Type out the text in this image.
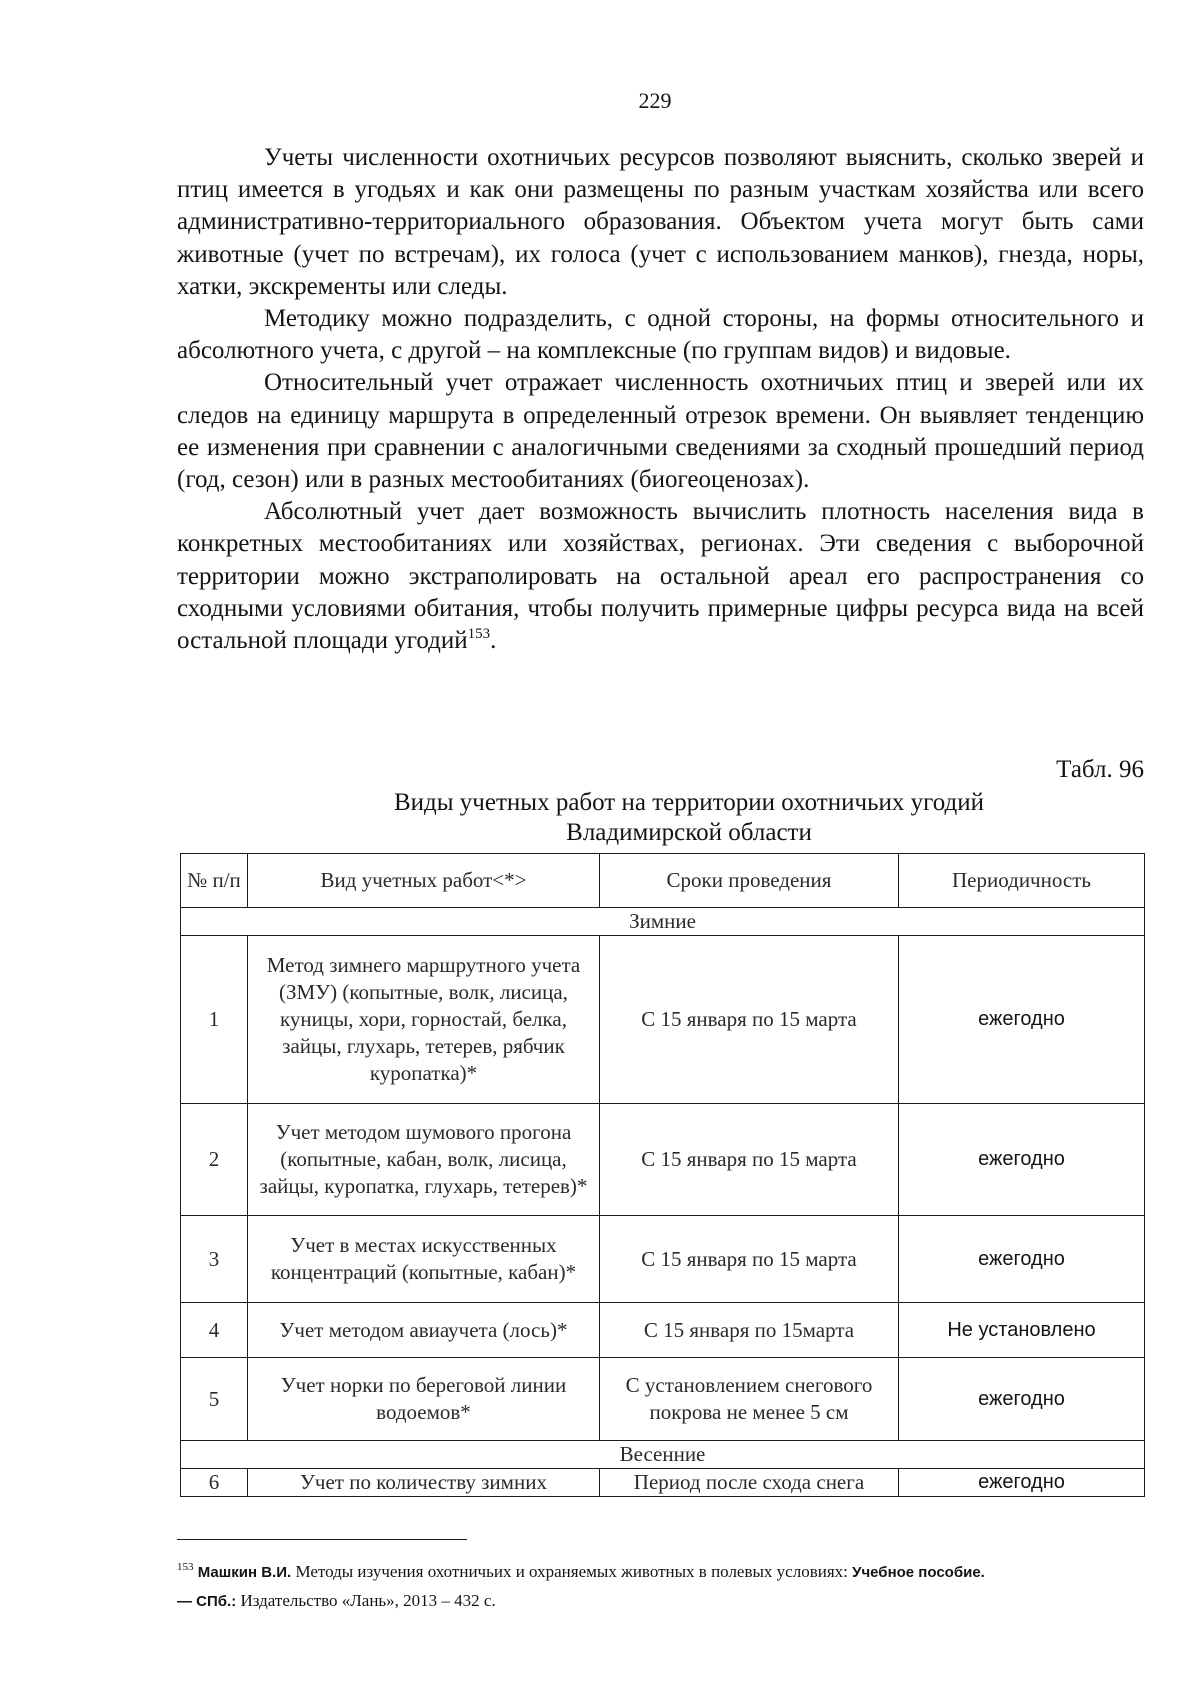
229

Учеты численности охотничьих ресурсов позволяют выяснить, сколько зверей и птиц имеется в угодьях и как они размещены по разным участкам хозяйства или всего административно-территориального образования. Объектом учета могут быть сами животные (учет по встречам), их голоса (учет с использованием манков), гнезда, норы, хатки, экскременты или следы.

Методику можно подразделить, с одной стороны, на формы относительного и абсолютного учета, с другой – на комплексные (по группам видов) и видовые.

Относительный учет отражает численность охотничьих птиц и зверей или их следов на единицу маршрута в определенный отрезок времени. Он выявляет тенденцию ее изменения при сравнении с аналогичными сведениями за сходный прошедший период (год, сезон) или в разных местообитаниях (биогеоценозах).

Абсолютный учет дает возможность вычислить плотность населения вида в конкретных местообитаниях или хозяйствах, регионах. Эти сведения с выборочной территории можно экстраполировать на остальной ареал его распространения со сходными условиями обитания, чтобы получить примерные цифры ресурса вида на всей остальной площади угодий$^{153}$.

Табл. 96
Виды учетных работ на территории охотничьих угодий
Владимирской области
№ п/п	Вид учетных работ<*>	Сроки проведения	Периодичность
Зимние			
1	Метод зимнего маршрутного учета (ЗМУ) (копытные, волк, лисица, куницы, хори, горностай, белка, зайцы, глухарь, тетерев, рябчик куропатка)*	С 15 января по 15 марта	ежегодно
2	Учет методом шумового прогона (копытные, кабан, волк, лисица, зайцы, куропатка, глухарь, тетерев)*	С 15 января по 15 марта	ежегодно
3	Учет в местах искусственных концентраций (копытные, кабан)*	С 15 января по 15 марта	ежегодно
4	Учет методом авиаучета (лось)*	С 15 января по 15марта	Не установлено
5	Учет норки по береговой линии водоемов*	С установлением снегового покрова не менее 5 см	ежегодно
Весенние			
6	Учет по количеству зимних	Период после схода снега	ежегодно
$^{153}$ Машкин В.И. Методы изучения охотничьих и охраняемых животных в полевых условиях: Учебное пособие.
— СПб.: Издательство «Лань», 2013 – 432 с.
